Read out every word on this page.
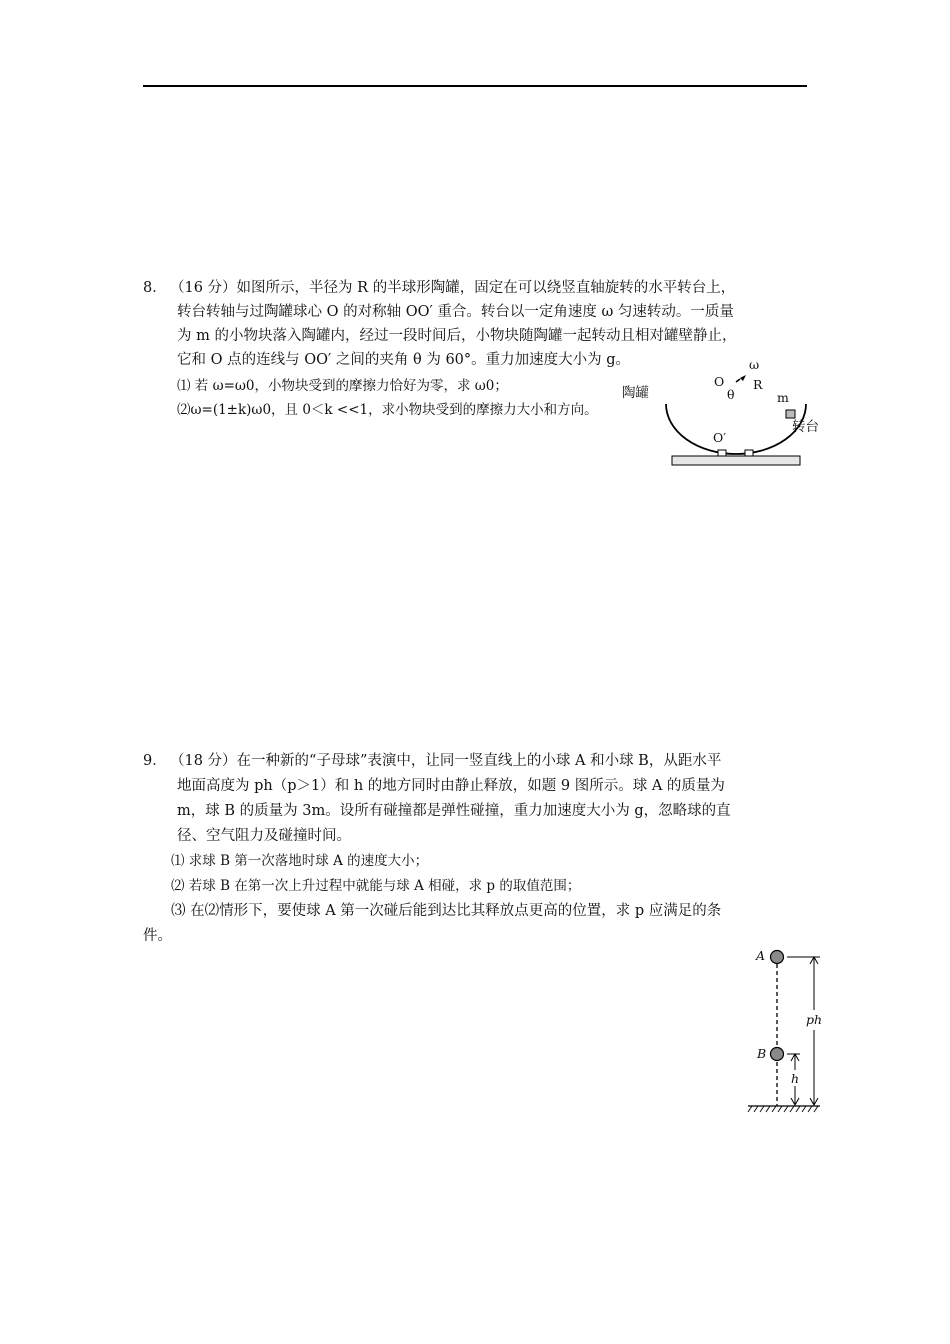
8． （16 分）如图所示，半径为 R 的半球形陶罐，固定在可以绕竖直轴旋转的水平转台上，
转台转轴与过陶罐球心 O 的对称轴 OO′ 重合。转台以一定角速度 ω 匀速转动。一质量
为 m 的小物块落入陶罐内，经过一段时间后，小物块随陶罐一起转动且相对罐壁静止，
它和 O 点的连线与 OO′ 之间的夹角 θ 为 60°。重力加速度大小为 g。
⑴ 若 ω=ω0，小物块受到的摩擦力恰好为零，求 ω0；
⑵ω=(1±k)ω0，且 0＜k <<1，求小物块受到的摩擦力大小和方向。
陶罐
O
ω
θ
R
m
O′
转台
9． （18 分）在一种新的“子母球”表演中，让同一竖直线上的小球 A 和小球 B，从距水平
地面高度为 ph（p＞1）和 h 的地方同时由静止释放，如题 9 图所示。球 A 的质量为
m，球 B 的质量为 3m。设所有碰撞都是弹性碰撞，重力加速度大小为 g，忽略球的直
径、空气阻力及碰撞时间。
⑴ 求球 B 第一次落地时球 A 的速度大小；
⑵ 若球 B 在第一次上升过程中就能与球 A 相碰，求 p 的取值范围；
⑶ 在⑵情形下，要使球 A 第一次碰后能到达比其释放点更高的位置，求 p 应满足的条
件。
A
B
ph
h
